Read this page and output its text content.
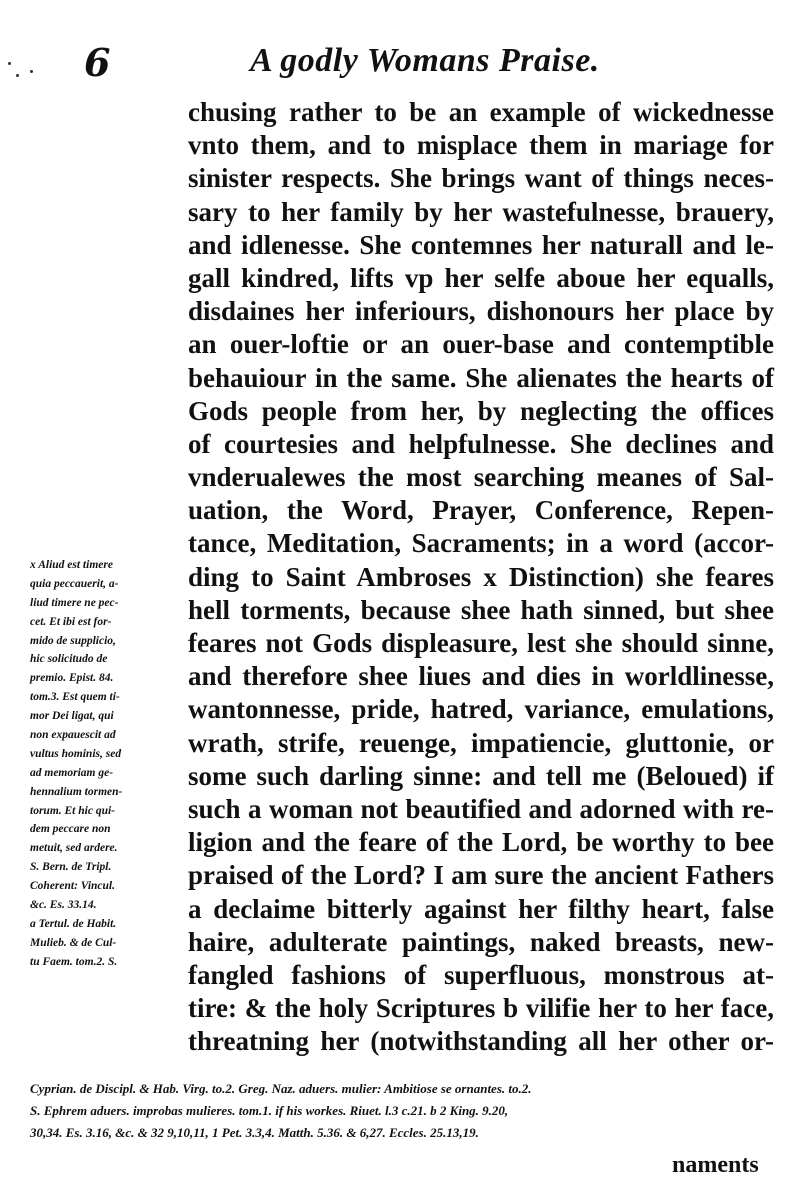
6	A godly Womans Praise.
chusing rather to be an example of wickednesse
vnto them, and to misplace them in mariage for
sinister respects. She brings want of things neces-
sary to her family by her wastefulnesse, brauery,
and idlenesse. She contemnes her naturall and le-
gall kindred, lifts vp her selfe aboue her equalls,
disdaines her inferiours, dishonours her place by
an ouer-loftie or an ouer-base and contemptible
behauiour in the same. She alienates the hearts of
Gods people from her, by neglecting the offices
of courtesies and helpfulnesse. She declines and
vnderualewes the most searching meanes of Sal-
uation, the Word, Prayer, Conference, Repen-
tance, Meditation, Sacraments; in a word (accor-
ding to Saint Ambroses x Distinction) she feares
hell torments, because shee hath sinned, but shee
feares not Gods displeasure, lest she should sinne,
and therefore shee liues and dies in worldlinesse,
wantonnesse, pride, hatred, variance, emulations,
wrath, strife, reuenge, impatiencie, gluttonie, or
some such darling sinne: and tell me (Beloued) if
such a woman not beautified and adorned with re-
ligion and the feare of the Lord, be worthy to bee
praised of the Lord? I am sure the ancient Fathers
a declaime bitterly against her filthy heart, false
haire, adulterate paintings, naked breasts, new-
fangled fashions of superfluous, monstrous at-
tire: & the holy Scriptures b vilifie her to her face,
threatning her (notwithstanding all her other or-
x Aliud est timere
quia peccauerit, a-
liud timere ne pec-
cet. Et ibi est for-
mido de supplicio,
hic solicitudo de
premio. Epist. 84.
tom.3. Est quem ti-
mor Dei ligat, qui
non expauescit ad
vultus hominis, sed
ad memoriam ge-
hennalium tormen-
torum. Et hic qui-
dem peccare non
metuit, sed ardere.
S. Bern. de Tripl.
Coherent: Vincul.
&c. Es. 33.14.
a Tertul. de Habit.
Mulieb. & de Cul-
tu Faem. tom.2. S.
Cyprian. de Discipl. & Hab. Virg. to.2. Greg. Naz. aduers. mulier: Ambitiose se ornantes. to.2.
S. Ephrem aduers. improbas mulieres. tom.1. if his workes. Riuet. l.3 c.21. b 2 King. 9.20,
30,34. Es. 3.16, &c. & 32 9,10,11, 1 Pet. 3.3,4. Matth. 5.36. & 6,27. Eccles. 25.13,19.
naments
